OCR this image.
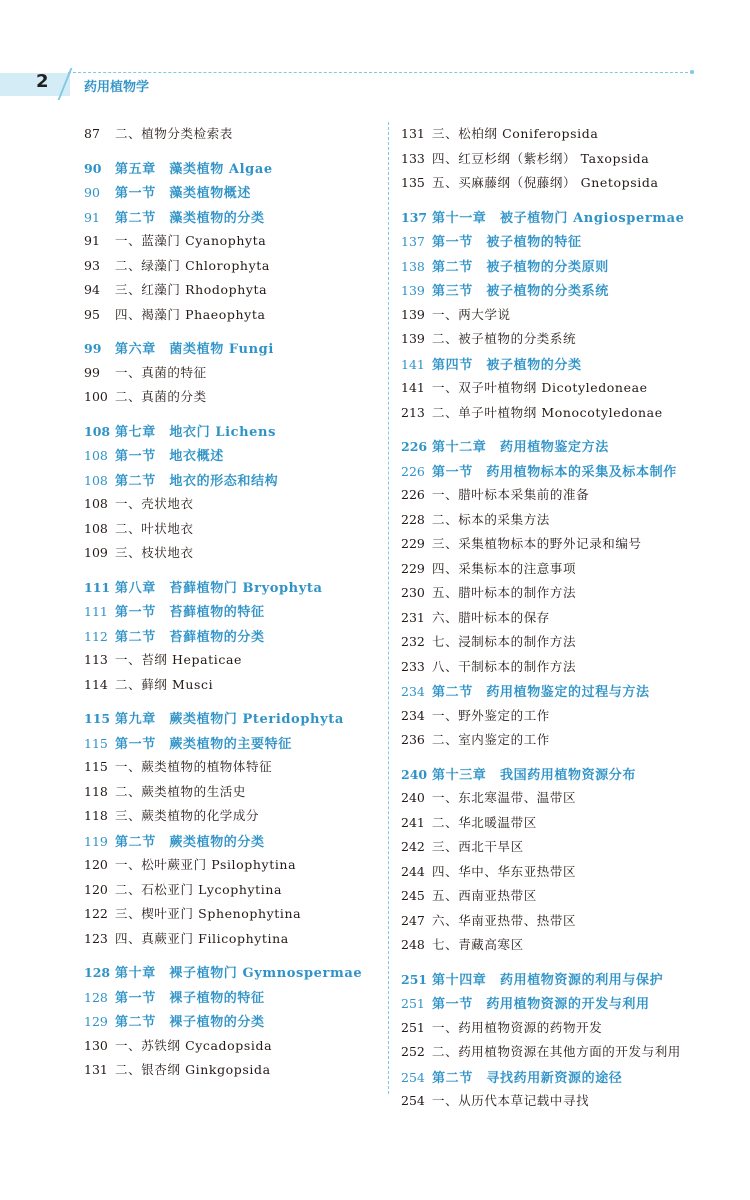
2	药用植物学
87	二、植物分类检索表
90	第五章　藻类植物 Algae
90	第一节　藻类植物概述
91	第二节　藻类植物的分类
91	一、蓝藻门 Cyanophyta
93	二、绿藻门 Chlorophyta
94	三、红藻门 Rhodophyta
95	四、褐藻门 Phaeophyta
99	第六章　菌类植物 Fungi
99	一、真菌的特征
100 二、真菌的分类
108 第七章　地衣门 Lichens
108 第一节　地衣概述
108 第二节　地衣的形态和结构
108 一、壳状地衣
108 二、叶状地衣
109 三、枝状地衣
111 第八章　苔藓植物门 Bryophyta
111 第一节　苔藓植物的特征
112 第二节　苔藓植物的分类
113 一、苔纲 Hepaticae
114 二、藓纲 Musci
115 第九章　蕨类植物门 Pteridophyta
115 第一节　蕨类植物的主要特征
115 一、蕨类植物的植物体特征
118 二、蕨类植物的生活史
118 三、蕨类植物的化学成分
119 第二节　蕨类植物的分类
120 一、松叶蕨亚门 Psilophytina
120 二、石松亚门 Lycophytina
122 三、楔叶亚门 Sphenophytina
123 四、真蕨亚门 Filicophytina
128 第十章　裸子植物门 Gymnospermae
128 第一节　裸子植物的特征
129 第二节　裸子植物的分类
130 一、苏铁纲 Cycadopsida
131 二、银杏纲 Ginkgopsida
131 三、松柏纲 Coniferopsida
133 四、红豆杉纲（紫杉纲） Taxopsida
135 五、买麻藤纲（倪藤纲） Gnetopsida
137 第十一章　被子植物门 Angiospermae
137 第一节　被子植物的特征
138 第二节　被子植物的分类原则
139 第三节　被子植物的分类系统
139 一、两大学说
139 二、被子植物的分类系统
141 第四节　被子植物的分类
141 一、双子叶植物纲 Dicotyledoneae
213 二、单子叶植物纲 Monocotyledonae
226 第十二章　药用植物鉴定方法
226 第一节　药用植物标本的采集及标本制作
226 一、腊叶标本采集前的准备
228 二、标本的采集方法
229 三、采集植物标本的野外记录和编号
229 四、采集标本的注意事项
230 五、腊叶标本的制作方法
231 六、腊叶标本的保存
232 七、浸制标本的制作方法
233 八、干制标本的制作方法
234 第二节　药用植物鉴定的过程与方法
234 一、野外鉴定的工作
236 二、室内鉴定的工作
240 第十三章　我国药用植物资源分布
240 一、东北寒温带、温带区
241 二、华北暖温带区
242 三、西北干旱区
244 四、华中、华东亚热带区
245 五、西南亚热带区
247 六、华南亚热带、热带区
248 七、青藏高寒区
251 第十四章　药用植物资源的利用与保护
251 第一节　药用植物资源的开发与利用
251 一、药用植物资源的药物开发
252 二、药用植物资源在其他方面的开发与利用
254 第二节　寻找药用新资源的途径
254 一、从历代本草记载中寻找
